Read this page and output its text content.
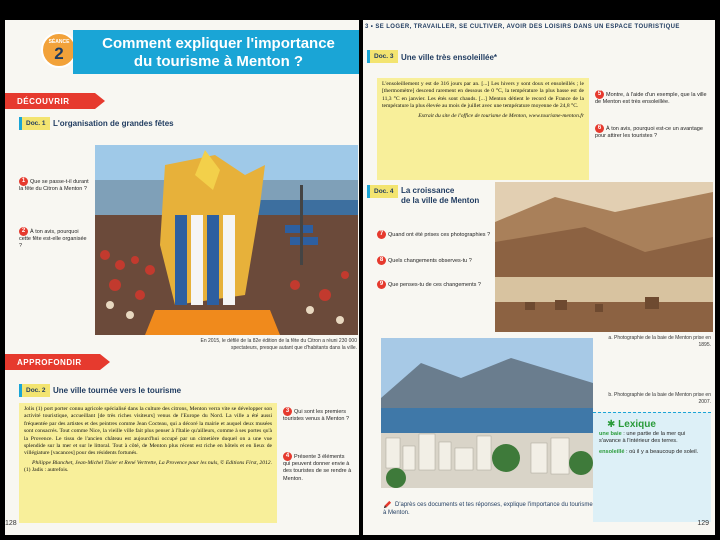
SÉANCE
2
Comment expliquer l'importance
du tourisme à Menton ?
DÉCOUVRIR
Doc. 1 L'organisation de grandes fêtes
1 Que se passe-t-il durant la fête du Citron à Menton ?
2 À ton avis, pourquoi cette fête est-elle organisée ?
En 2015, le défilé de la 82e édition de la fête du Citron a réuni 230 000 spectateurs, presque autant que d'habitants dans la ville.
APPROFONDIR
Doc. 2 Une ville tournée vers le tourisme
Jolis (1) port porter connu agricole spécialisé dans la culture des citrons, Menton verra vite se développer son activité touristique, accueillant [de très riches visiteurs] venus de l'Europe du Nord. La ville a été aussi fréquentée par des artistes et des peintres comme Jean Cocteau, qui a décoré la mairie et auquel deux musées sont consacrés. Tout comme Nice, la vieille ville fait plus penser à l'Italie qu'ailleurs, comme à ses portes qu'à la Provence. Le tissu de l'ancien château est aujourd'hui occupé par un cimetière duquel on a une vue splendide sur la mer et sur le littoral. Tout à côté, de Menton plus récent est riche en hôtels et en lieux de villégiature [vacances] pour des résidents fortunés.
Philippe Blanchet, Jean-Michel Tixier et René Vertrette, La Provence pour les nuls, © Editions First, 2012.
(1) Jadis : autrefois.
3 Qui sont les premiers touristes venus à Menton ?
4 Présente 3 éléments qui peuvent donner envie à des touristes de se rendre à Menton.
128
3 • SE LOGER, TRAVAILLER, SE CULTIVER, AVOIR DES LOISIRS DANS UN ESPACE TOURISTIQUE
Doc. 3 Une ville très ensoleillée*
L'ensoleillement y est de 316 jours par an. [...] Les hivers y sont doux et ensoleillés ; le [thermomètre] descend rarement en dessous de 0 °C, la température la plus basse est de 11,3 °C en janvier. Les étés sont chauds. [...] Menton détient le record de France de la température la plus élevée au mois de juillet avec une température moyenne de 24,8 °C.
Extrait du site de l'office de tourisme de Menton, www.tourisme-menton.fr
5 Montre, à l'aide d'un exemple, que la ville de Menton est très ensoleillée.
6 À ton avis, pourquoi est-ce un avantage pour attirer les touristes ?
Doc. 4 La croissance
de la ville de Menton
7 Quand ont été prises ces photographies ?
8 Quels changements observes-tu ?
9 Que penses-tu de ces changements ?
a. Photographie de la baie de Menton prise en 1895.
b. Photographie de la baie de Menton prise en 2007.
✱ Lexique
une baie : une partie de la mer qui s'avance à l'intérieur des terres.
ensoleillé : où il y a beaucoup de soleil.
D'après ces documents et tes réponses, explique l'importance du tourisme à Menton.
129
